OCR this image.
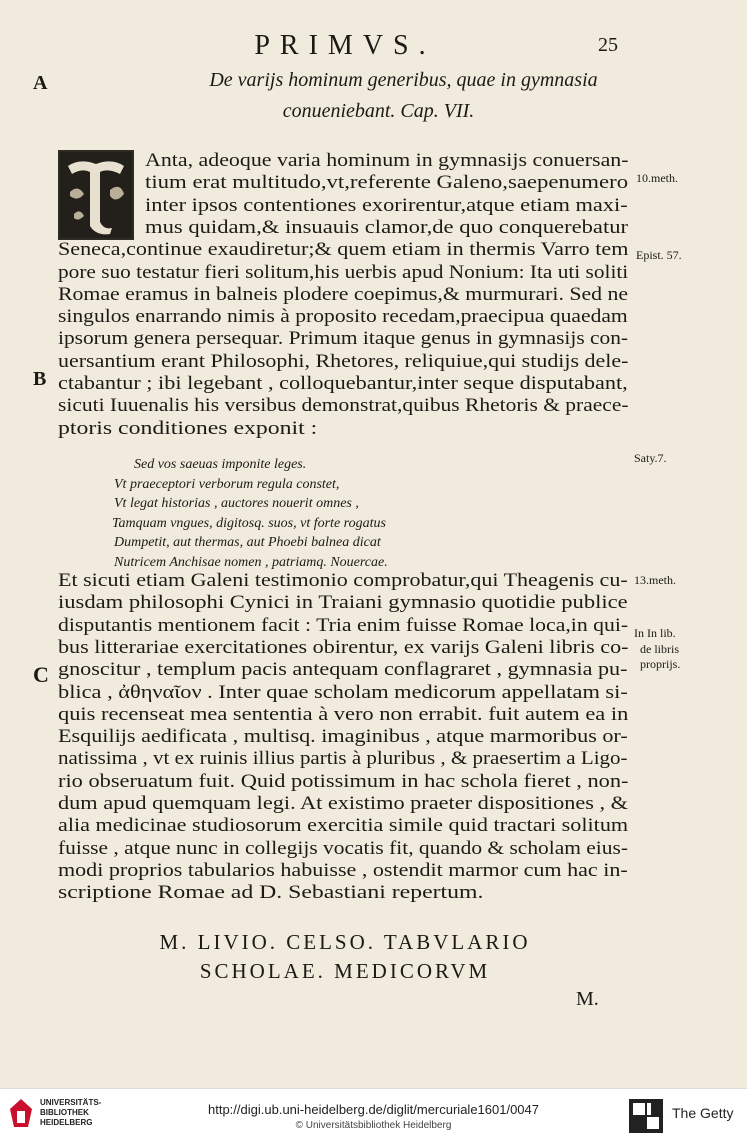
PRIMVS.	25
A
B
C
De varijs hominum generibus, quae in gymnasia
conueniebant. Cap. VII.
Anta, adeoque varia hominum in gymnasijs conuersan-
tium erat multitudo,vt,referente Galeno,saepenumero
inter ipsos contentiones exorirentur,atque etiam maxi-
mus quidam,& insuauis clamor,de quo conquerebatur
Seneca,continue exaudiretur;& quem etiam in thermis Varro tem
pore suo testatur fieri solitum,his uerbis apud Nonium: Ita uti soliti
Romae eramus in balneis plodere coepimus,& murmurari. Sed ne
singulos enarrando nimis à proposito recedam,praecipua quaedam
ipsorum genera persequar. Primum itaque genus in gymnasijs con-
uersantium erant Philosophi, Rhetores, reliquiue,qui studijs dele-
ctabantur ; ibi legebant , colloquebantur,inter seque disputabant,
sicuti Iuuenalis his versibus demonstrat,quibus Rhetoris & praece-
ptoris conditiones exponit :
Sed vos saeuas imponite leges.
Vt praeceptori verborum regula constet,
Vt legat historias , auctores nouerit omnes ,
Tamquam vngues, digitosq. suos, vt forte rogatus
Dumpetit, aut thermas, aut Phoebi balnea dicat
Nutricem Anchisae nomen , patriamq. Nouercae.
Et sicuti etiam Galeni testimonio comprobatur,qui Theagenis cu-
iusdam philosophi Cynici in Traiani gymnasio quotidie publice
disputantis mentionem facit : Tria enim fuisse Romae loca,in qui-
bus litterariae exercitationes obirentur, ex varijs Galeni libris co-
gnoscitur , templum pacis antequam conflagraret , gymnasia pu-
blica , ἀθηναῖον . Inter quae scholam medicorum appellatam si-
quis recenseat mea sententia à vero non errabit. fuit autem ea in
Esquilijs aedificata , multisq. imaginibus , atque marmoribus or-
natissima , vt ex ruinis illius partis à pluribus , & praesertim a Ligo-
rio obseruatum fuit. Quid potissimum in hac schola fieret , non-
dum apud quemquam legi. At existimo praeter dispositiones , &
alia medicinae studiosorum exercitia simile quid tractari solitum
fuisse , atque nunc in collegijs vocatis fit, quando & scholam eius-
modi proprios tabularios habuisse , ostendit marmor cum hac in-
scriptione Romae ad D. Sebastiani repertum.
10.meth.
Epist. 57.
Saty.7.
13.meth.
In In lib.
de libris
proprijs.
M. LIVIO. CELSO. TABVLARIO
SCHOLAE. MEDICORVM
M.
UNIVERSITÄTS-
BIBLIOTHEK
HEIDELBERG
http://digi.ub.uni-heidelberg.de/diglit/mercuriale1601/0047
© Universitätsbibliothek Heidelberg
The Getty
